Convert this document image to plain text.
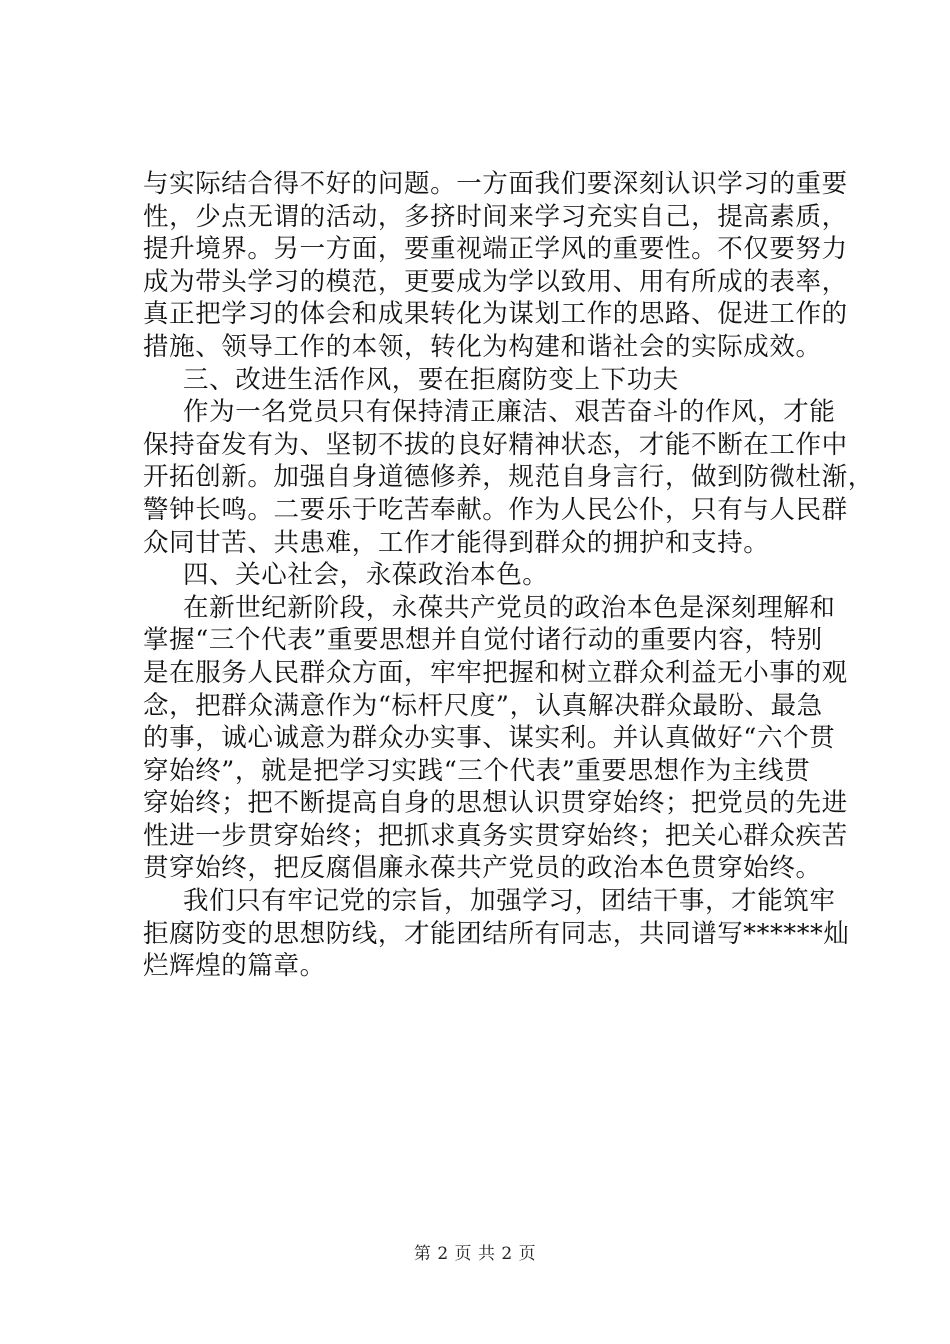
与实际结合得不好的问题。一方面我们要深刻认识学习的重要
性，少点无谓的活动，多挤时间来学习充实自己，提高素质，
提升境界。另一方面，要重视端正学风的重要性。不仅要努力
成为带头学习的模范，更要成为学以致用、用有所成的表率，
真正把学习的体会和成果转化为谋划工作的思路、促进工作的
措施、领导工作的本领，转化为构建和谐社会的实际成效。
三、改进生活作风，要在拒腐防变上下功夫
作为一名党员只有保持清正廉洁、艰苦奋斗的作风，才能
保持奋发有为、坚韧不拔的良好精神状态，才能不断在工作中
开拓创新。加强自身道德修养，规范自身言行，做到防微杜渐，
警钟长鸣。二要乐于吃苦奉献。作为人民公仆，只有与人民群
众同甘苦、共患难，工作才能得到群众的拥护和支持。
四、关心社会，永葆政治本色。
在新世纪新阶段，永葆共产党员的政治本色是深刻理解和
掌握“三个代表”重要思想并自觉付诸行动的重要内容，特别
是在服务人民群众方面，牢牢把握和树立群众利益无小事的观
念，把群众满意作为“标杆尺度”，认真解决群众最盼、最急
的事，诚心诚意为群众办实事、谋实利。并认真做好“六个贯
穿始终”，就是把学习实践“三个代表”重要思想作为主线贯
穿始终；把不断提高自身的思想认识贯穿始终；把党员的先进
性进一步贯穿始终；把抓求真务实贯穿始终；把关心群众疾苦
贯穿始终，把反腐倡廉永葆共产党员的政治本色贯穿始终。
我们只有牢记党的宗旨，加强学习，团结干事，才能筑牢
拒腐防变的思想防线，才能团结所有同志，共同谱写******灿
烂辉煌的篇章。
第 2 页 共 2 页
